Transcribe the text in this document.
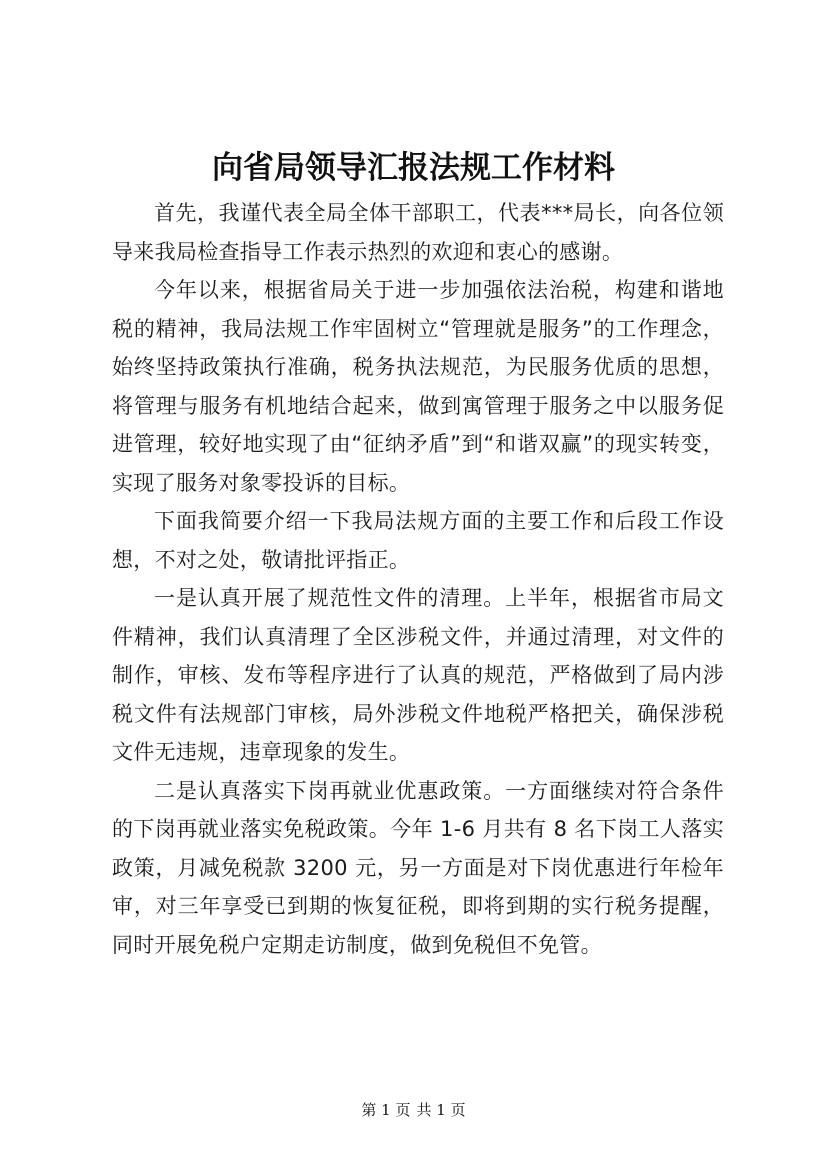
向省局领导汇报法规工作材料

首先，我谨代表全局全体干部职工，代表***局长，向各位领导来我局检查指导工作表示热烈的欢迎和衷心的感谢。

今年以来，根据省局关于进一步加强依法治税，构建和谐地税的精神，我局法规工作牢固树立“管理就是服务”的工作理念，始终坚持政策执行准确，税务执法规范，为民服务优质的思想，将管理与服务有机地结合起来，做到寓管理于服务之中以服务促进管理，较好地实现了由“征纳矛盾”到“和谐双赢”的现实转变，实现了服务对象零投诉的目标。

下面我简要介绍一下我局法规方面的主要工作和后段工作设想，不对之处，敬请批评指正。

一是认真开展了规范性文件的清理。上半年，根据省市局文件精神，我们认真清理了全区涉税文件，并通过清理，对文件的制作，审核、发布等程序进行了认真的规范，严格做到了局内涉税文件有法规部门审核，局外涉税文件地税严格把关，确保涉税文件无违规，违章现象的发生。

二是认真落实下岗再就业优惠政策。一方面继续对符合条件的下岗再就业落实免税政策。今年 1-6 月共有 8 名下岗工人落实政策，月减免税款 3200 元，另一方面是对下岗优惠进行年检年审，对三年享受已到期的恢复征税，即将到期的实行税务提醒，同时开展免税户定期走访制度，做到免税但不免管。

第 1 页 共 1 页
